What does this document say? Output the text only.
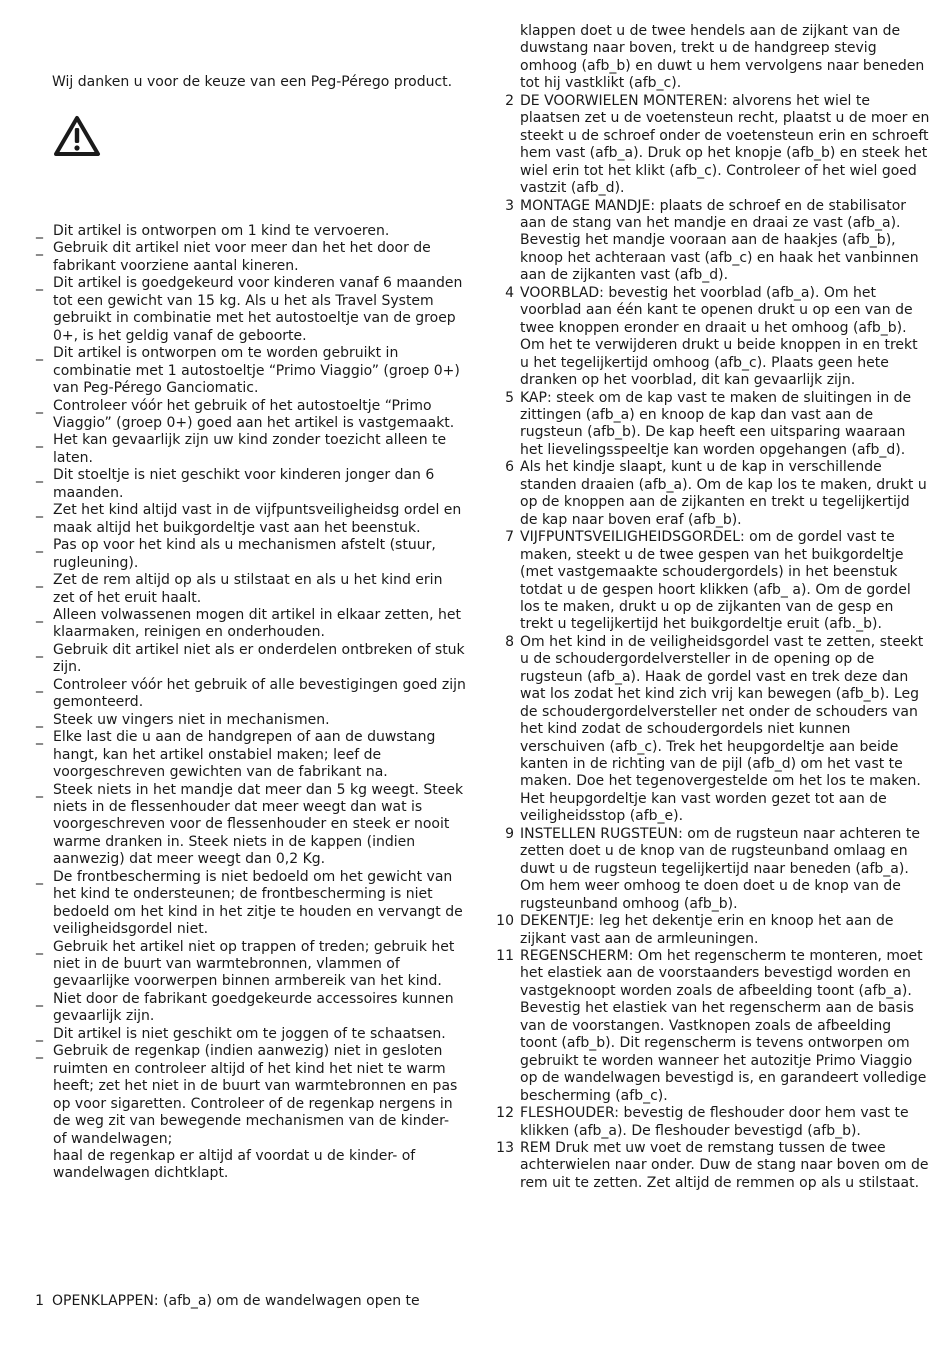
Wij danken u voor de keuze van een Peg-Pérego product.
_ Dit artikel is ontworpen om 1 kind te vervoeren.
_ Gebruik dit artikel niet voor meer dan het het door de fabrikant voorziene aantal kineren.
_ Dit artikel is goedgekeurd voor kinderen vanaf 6 maanden tot een gewicht van 15 kg. Als u het als Travel System gebruikt in combinatie met het autostoeltje van de groep 0+, is het geldig vanaf de geboorte.
_ Dit artikel is ontworpen om te worden gebruikt in combinatie met 1 autostoeltje “Primo Viaggio” (groep 0+) van Peg-Pérego Ganciomatic.
_ Controleer vóór het gebruik of het autostoeltje “Primo Viaggio” (groep 0+) goed aan het artikel is vastgemaakt.
_ Het kan gevaarlijk zijn uw kind zonder toezicht alleen te laten.
_ Dit stoeltje is niet geschikt voor kinderen jonger dan 6 maanden.
_ Zet het kind altijd vast in de vijfpuntsveiligheidsg ordel en maak altijd het buikgordeltje vast aan het beenstuk.
_ Pas op voor het kind als u mechanismen afstelt (stuur, rugleuning).
_ Zet de rem altijd op als u stilstaat en als u het kind erin zet of het eruit haalt.
_ Alleen volwassenen mogen dit artikel in elkaar zetten, het klaarmaken, reinigen en onderhouden.
_ Gebruik dit artikel niet als er onderdelen ontbreken of stuk zijn.
_ Controleer vóór het gebruik of alle bevestigingen goed zijn gemonteerd.
_ Steek uw vingers niet in mechanismen.
_ Elke last die u aan de handgrepen of aan de duwstang hangt, kan het artikel onstabiel maken; leef de voorgeschreven gewichten van de fabrikant na.
_ Steek niets in het mandje dat meer dan 5 kg weegt. Steek niets in de flessenhouder dat meer weegt dan wat is voorgeschreven voor de flessenhouder en steek er nooit warme dranken in. Steek niets in de kappen (indien aanwezig) dat meer weegt dan 0,2 Kg.
_ De frontbescherming is niet bedoeld om het gewicht van het kind te ondersteunen; de frontbescherming is niet bedoeld om het kind in het zitje te houden en vervangt de veiligheidsgordel niet.
_ Gebruik het artikel niet op trappen of treden; gebruik het niet in de buurt van warmtebronnen, vlammen of gevaarlijke voorwerpen binnen armbereik van het kind.
_ Niet door de fabrikant goedgekeurde accessoires kunnen gevaarlijk zijn.
_ Dit artikel is niet geschikt om te joggen of te schaatsen.
_ Gebruik de regenkap (indien aanwezig) niet in gesloten ruimten en controleer altijd of het kind het niet te warm heeft; zet het niet in de buurt van warmtebronnen en pas op voor sigaretten. Controleer of de regenkap nergens in de weg zit van bewegende mechanismen van de kinder- of wandelwagen;
haal de regenkap er altijd af voordat u de kinder- of wandelwagen dichtklapt.
1 OPENKLAPPEN: (afb_a) om de wandelwagen open te

klappen doet u de twee hendels aan de zijkant van de duwstang naar boven, trekt u de handgreep stevig omhoog (afb_b) en duwt u hem vervolgens naar beneden tot hij vastklikt (afb_c).

2 DE VOORWIELEN MONTEREN: alvorens het wiel te plaatsen zet u de voetensteun recht, plaatst u de moer en steekt u de schroef onder de voetensteun erin en schroeft hem vast (afb_a). Druk op het knopje (afb_b) en steek het wiel erin tot het klikt (afb_c). Controleer of het wiel goed vastzit (afb_d).

3 MONTAGE MANDJE: plaats de schroef en de stabilisator aan de stang van het mandje en draai ze vast (afb_a). Bevestig het mandje vooraan aan de haakjes (afb_b), knoop het achteraan vast (afb_c) en haak het vanbinnen aan de zijkanten vast (afb_d).

4 VOORBLAD: bevestig het voorblad (afb_a). Om het voorblad aan één kant te openen drukt u op een van de twee knoppen eronder en draait u het omhoog (afb_b). Om het te verwijderen drukt u beide knoppen in en trekt u het tegelijkertijd omhoog (afb_c). Plaats geen hete dranken op het voorblad, dit kan gevaarlijk zijn.

5 KAP: steek om de kap vast te maken de sluitingen in de zittingen (afb_a) en knoop de kap dan vast aan de rugsteun (afb_b). De kap heeft een uitsparing waaraan het lievelingsspeeltje kan worden opgehangen (afb_d).

6 Als het kindje slaapt, kunt u de kap in verschillende standen draaien (afb_a). Om de kap los te maken, drukt u op de knoppen aan de zijkanten en trekt u tegelijkertijd de kap naar boven eraf (afb_b).

7 VIJFPUNTSVEILIGHEIDSGORDEL: om de gordel vast te maken, steekt u de twee gespen van het buikgordeltje (met vastgemaakte schoudergordels) in het beenstuk totdat u de gespen hoort klikken (afb_ a). Om de gordel los te maken, drukt u op de zijkanten van de gesp en trekt u tegelijkertijd het buikgordeltje eruit (afb._b).

8 Om het kind in de veiligheidsgordel vast te zetten, steekt u de schoudergordelversteller in de opening op de rugsteun (afb_a). Haak de gordel vast en trek deze dan wat los zodat het kind zich vrij kan bewegen (afb_b). Leg de schoudergordelversteller net onder de schouders van het kind zodat de schoudergordels niet kunnen verschuiven (afb_c). Trek het heupgordeltje aan beide kanten in de richting van de pijl (afb_d) om het vast te maken. Doe het tegenovergestelde om het los te maken. Het heupgordeltje kan vast worden gezet tot aan de veiligheidsstop (afb_e).

9 INSTELLEN RUGSTEUN: om de rugsteun naar achteren te zetten doet u de knop van de rugsteunband omlaag en duwt u de rugsteun tegelijkertijd naar beneden (afb_a).

Om hem weer omhoog te doen doet u de knop van de rugsteunband omhoog (afb_b).

10 DEKENTJE: leg het dekentje erin en knoop het aan de zijkant vast aan de armleuningen.

11 REGENSCHERM: Om het regenscherm te monteren, moet het elastiek aan de voorstaanders bevestigd worden en vastgeknoopt worden zoals de afbeelding toont (afb_a). Bevestig het elastiek van het regenscherm aan de basis van de voorstangen. Vastknopen zoals de afbeelding toont (afb_b). Dit regenscherm is tevens ontworpen om gebruikt te worden wanneer het autozitje Primo Viaggio op de wandelwagen bevestigd is, en garandeert volledige bescherming (afb_c).

12 FLESHOUDER: bevestig de fleshouder door hem vast te klikken (afb_a). De fleshouder bevestigd (afb_b).

13 REM Druk met uw voet de remstang tussen de twee achterwielen naar onder. Duw de stang naar boven om de rem uit te zetten. Zet altijd de remmen op als u stilstaat.
